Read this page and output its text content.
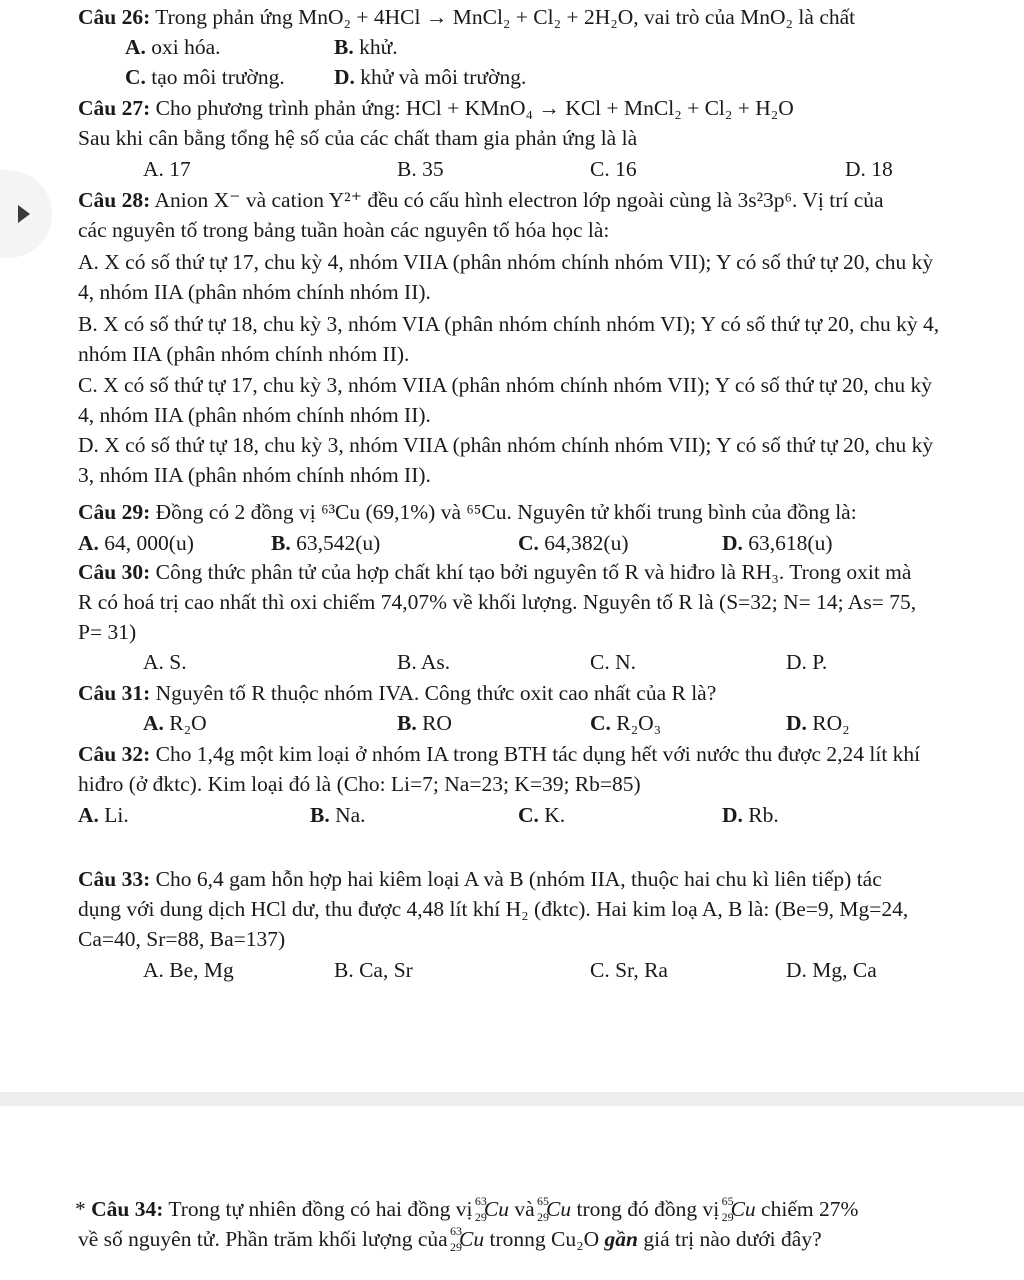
Câu 26: Trong phản ứng MnO₂ + 4HCl → MnCl₂ + Cl₂ + 2H₂O, vai trò của MnO₂ là chất
A. oxi hóa.	B. khử.
C. tạo môi trường. D. khử và môi trường.
Câu 27: Cho phương trình phản ứng: HCl + KMnO₄ → KCl + MnCl₂ + Cl₂ + H₂O
Sau khi cân bằng tổng hệ số của các chất tham gia phản ứng là là
A. 17	B. 35	C. 16	D. 18
Câu 28: Anion X⁻ và cation Y²⁺ đều có cấu hình electron lớp ngoài cùng là 3s²3p⁶. Vị trí của
các nguyên tố trong bảng tuần hoàn các nguyên tố hóa học là:
A. X có số thứ tự 17, chu kỳ 4, nhóm VIIA (phân nhóm chính nhóm VII); Y có số thứ tự 20, chu kỳ
4, nhóm IIA (phân nhóm chính nhóm II).
B. X có số thứ tự 18, chu kỳ 3, nhóm VIA (phân nhóm chính nhóm VI); Y có số thứ tự 20, chu kỳ 4,
nhóm IIA (phân nhóm chính nhóm II).
C. X có số thứ tự 17, chu kỳ 3, nhóm VIIA (phân nhóm chính nhóm VII); Y có số thứ tự 20, chu kỳ
4, nhóm IIA (phân nhóm chính nhóm II).
D. X có số thứ tự 18, chu kỳ 3, nhóm VIIA (phân nhóm chính nhóm VII); Y có số thứ tự 20, chu kỳ
3, nhóm IIA (phân nhóm chính nhóm II).
Câu 29: Đồng có 2 đồng vị ⁶³Cu (69,1%) và ⁶⁵Cu. Nguyên tử khối trung bình của đồng là:
A. 64, 000(u)	B. 63,542(u)	C. 64,382(u)	D. 63,618(u)
Câu 30: Công thức phân tử của hợp chất khí tạo bởi nguyên tố R và hiđro là RH₃. Trong oxit mà
R có hoá trị cao nhất thì oxi chiếm 74,07% về khối lượng. Nguyên tố R là (S=32; N= 14; As= 75,
P= 31)
A. S.	B. As.	C. N.	D. P.
Câu 31: Nguyên tố R thuộc nhóm IVA. Công thức oxit cao nhất của R là?
A. R₂O	B. RO	C. R₂O₃	D. RO₂
Câu 32: Cho 1,4g một kim loại ở nhóm IA trong BTH tác dụng hết với nước thu được 2,24 lít khí
hiđro (ở đktc). Kim loại đó là (Cho: Li=7; Na=23; K=39; Rb=85)
A. Li.	B. Na.	C. K.	D. Rb.
Câu 33: Cho 6,4 gam hỗn hợp hai kiêm loại A và B (nhóm IIA, thuộc hai chu kì liên tiếp) tác
dụng với dung dịch HCl dư, thu được 4,48 lít khí H₂ (đktc). Hai kim loạ A, B là: (Be=9, Mg=24,
Ca=40, Sr=88, Ba=137)
A. Be, Mg	B. Ca, Sr	C. Sr, Ra	D. Mg, Ca
* Câu 34: Trong tự nhiên đồng có hai đồng vị
63
29
Cu và
65
29
Cu trong đó đồng vị
65
29
Cu chiếm 27%
về số nguyên tử. Phần trăm khối lượng của
63
29
Cu tronng Cu₂O gần giá trị nào dưới đây?
